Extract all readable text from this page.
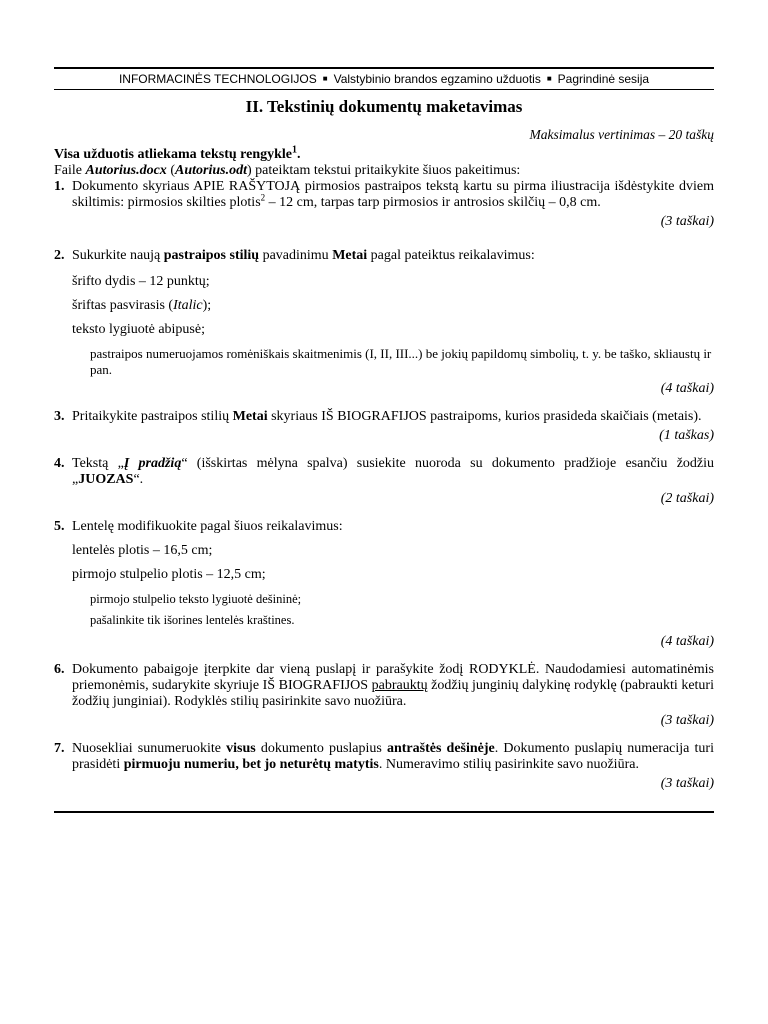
INFORMACINĖS TECHNOLOGIJOS ■ Valstybinio brandos egzamino užduotis ■ Pagrindinė sesija
II. Tekstinių dokumentų maketavimas
Maksimalus vertinimas – 20 taškų
Visa užduotis atliekama tekstų rengykle$^1$.
Faile Autorius.docx (Autorius.odt) pateiktam tekstui pritaikykite šiuos pakeitimus:
1. Dokumento skyriaus APIE RAŠYTOJĄ pirmosios pastraipos tekstą kartu su pirma iliustracija išdėstykite dviem skiltimis: pirmosios skilties plotis$^2$ – 12 cm, tarpas tarp pirmosios ir antrosios skilčių – 0,8 cm.

(3 taškai)
2. Sukurkite naują pastraipos stilių pavadinimu Metai pagal pateiktus reikalavimus:

šrifto dydis – 12 punktų;
šriftas pasvirasis (Italic);
teksto lygiuotė abipusė;
pastraipos numeruojamos romėniškais skaitmenimis (I, II, III...) be jokių papildomų simbolių, t. y. be taško, skliaustų ir pan.
(4 taškai)
3. Pritaikykite pastraipos stilių Metai skyriaus IŠ BIOGRAFIJOS pastraipoms, kurios prasideda skaičiais (metais).

(1 taškas)
4. Tekstą „Į pradžią“ (išskirtas mėlyna spalva) susiekite nuoroda su dokumento pradžioje esančiu žodžiu „JUOZAS“.

(2 taškai)
5. Lentelę modifikuokite pagal šiuos reikalavimus:

lentelės plotis – 16,5 cm;
pirmojo stulpelio plotis – 12,5 cm;
pirmojo stulpelio teksto lygiuotė dešininė;
pašalinkite tik išorines lentelės kraštines.
(4 taškai)
6. Dokumento pabaigoje įterpkite dar vieną puslapį ir parašykite žodį RODYKLĖ. Naudodamiesi automatinėmis priemonėmis, sudarykite skyriuje IŠ BIOGRAFIJOS pabrauktų žodžių junginių dalykinę rodyklę (pabraukti keturi žodžių junginiai). Rodyklės stilių pasirinkite savo nuožiūra.

(3 taškai)
7. Nuosekliai sunumeruokite visus dokumento puslapius antraštės dešinėje. Dokumento puslapių numeracija turi prasidėti pirmuoju numeriu, bet jo neturėtų matytis. Numeravimo stilių pasirinkite savo nuožiūra.

(3 taškai)
